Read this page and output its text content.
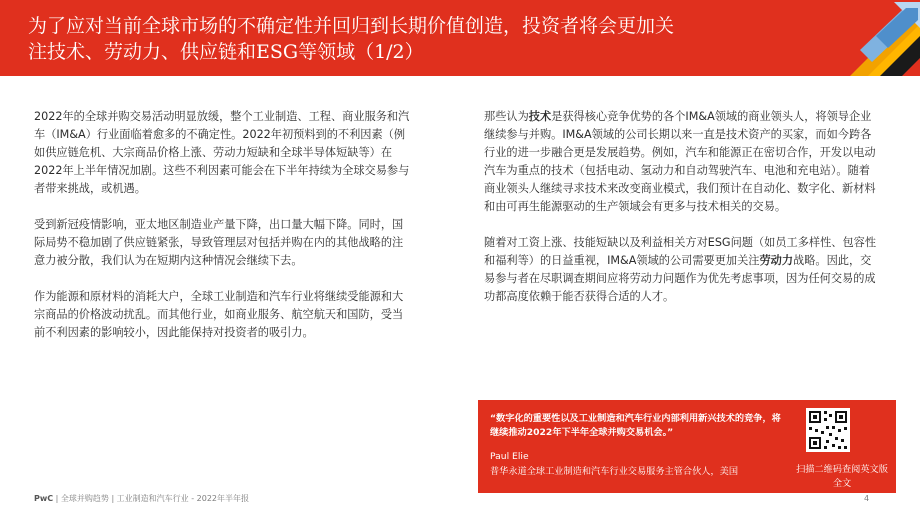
为了应对当前全球市场的不确定性并回归到长期价值创造，投资者将会更加关
注技术、劳动力、供应链和ESG等领域（1/2）

2022年的全球并购交易活动明显放缓，整个工业制造、工程、商业服务和汽车（IM&A）行业面临着愈多的不确定性。2022年初预料到的不利因素（例如供应链危机、大宗商品价格上涨、劳动力短缺和全球半导体短缺等）在2022年上半年情况加剧。这些不利因素可能会在下半年持续为全球交易参与者带来挑战，或机遇。

受到新冠疫情影响，亚太地区制造业产量下降，出口量大幅下降。同时，国际局势不稳加剧了供应链紧张，导致管理层对包括并购在内的其他战略的注意力被分散，我们认为在短期内这种情况会继续下去。

作为能源和原材料的消耗大户，全球工业制造和汽车行业将继续受能源和大宗商品的价格波动扰乱。而其他行业，如商业服务、航空航天和国防，受当前不利因素的影响较小，因此能保持对投资者的吸引力。

那些认为技术是获得核心竞争优势的各个IM&A领域的商业领头人，将领导企业继续参与并购。IM&A领域的公司长期以来一直是技术资产的买家，而如今跨各行业的进一步融合更是发展趋势。例如，汽车和能源正在密切合作，开发以电动汽车为重点的技术（包括电动、氢动力和自动驾驶汽车、电池和充电站）。随着商业领头人继续寻求技术来改变商业模式，我们预计在自动化、数字化、新材料和由可再生能源驱动的生产领域会有更多与技术相关的交易。

随着对工资上涨、技能短缺以及利益相关方对ESG问题（如员工多样性、包容性和福利等）的日益重视，IM&A领域的公司需要更加关注劳动力战略。因此，交易参与者在尽职调查期间应将劳动力问题作为优先考虑事项，因为任何交易的成功都高度依赖于能否获得合适的人才。

“数字化的重要性以及工业制造和汽车行业内部利用新兴技术的竞争，将继续推动2022年下半年全球并购交易机会。”
Paul Elie
普华永道全球工业制造和汽车行业交易服务主管合伙人，美国	扫描二维码查阅英文版全文
PwC | 全球并购趋势 | 工业制造和汽车行业 - 2022年半年报	4
